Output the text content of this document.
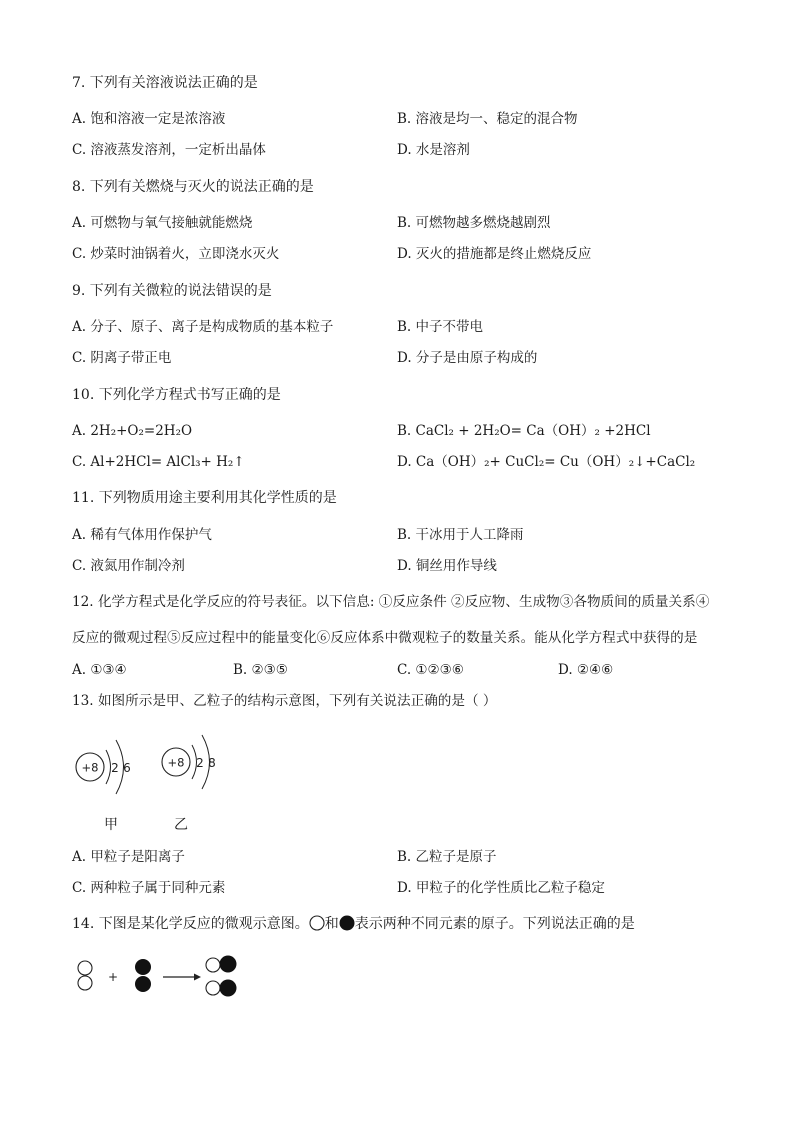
7. 下列有关溶液说法正确的是
A. 饱和溶液一定是浓溶液	B. 溶液是均一、稳定的混合物
C. 溶液蒸发溶剂，一定析出晶体	D. 水是溶剂
8. 下列有关燃烧与灭火的说法正确的是
A. 可燃物与氧气接触就能燃烧	B. 可燃物越多燃烧越剧烈
C. 炒菜时油锅着火，立即浇水灭火	D. 灭火的措施都是终止燃烧反应
9. 下列有关微粒的说法错误的是
A. 分子、原子、离子是构成物质的基本粒子	B. 中子不带电
C. 阴离子带正电	D. 分子是由原子构成的
10. 下列化学方程式书写正确的是
A. 2H₂+O₂=2H₂O	B. CaCl₂ + 2H₂O= Ca（OH）₂ +2HCl
C. Al+2HCl= AlCl₃+ H₂↑	D. Ca（OH）₂+ CuCl₂= Cu（OH）₂↓+CaCl₂
11. 下列物质用途主要利用其化学性质的是
A. 稀有气体用作保护气	B. 干冰用于人工降雨
C. 液氮用作制冷剂	D. 铜丝用作导线
12. 化学方程式是化学反应的符号表征。以下信息: ①反应条件 ②反应物、生成物③各物质间的质量关系④
反应的微观过程⑤反应过程中的能量变化⑥反应体系中微观粒子的数量关系。能从化学方程式中获得的是
A. ①③④	B. ②③⑤	C. ①②③⑥	D. ②④⑥
13. 如图所示是甲、乙粒子的结构示意图，下列有关说法正确的是（ ）
+8 2 6	+8 2 8
甲	乙
A. 甲粒子是阳离子	B. 乙粒子是原子
C. 两种粒子属于同种元素	D. 甲粒子的化学性质比乙粒子稳定
14. 下图是某化学反应的微观示意图。 和 表示两种不同元素的原子。下列说法正确的是
+
